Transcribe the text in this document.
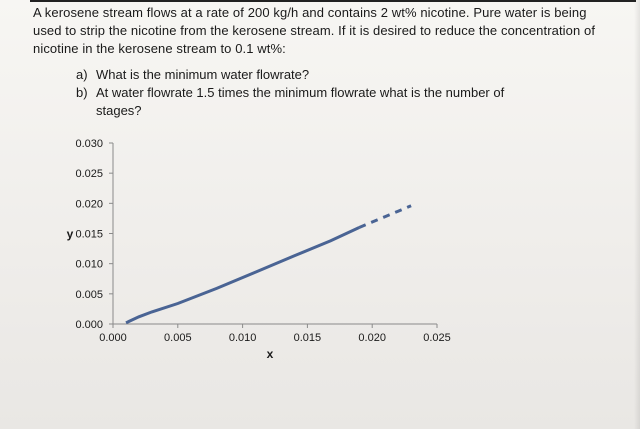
A kerosene stream flows at a rate of 200 kg/h and contains 2 wt% nicotine. Pure water is being used to strip the nicotine from the kerosene stream. If it is desired to reduce the concentration of nicotine in the kerosene stream to 0.1 wt%:
a) What is the minimum water flowrate?
b) At water flowrate 1.5 times the minimum flowrate what is the number of stages?
0.000
0.005
0.010
0.015
0.020
0.025
0.030
0.000	0.005	0.010	0.015	0.020	0.025
x
y
